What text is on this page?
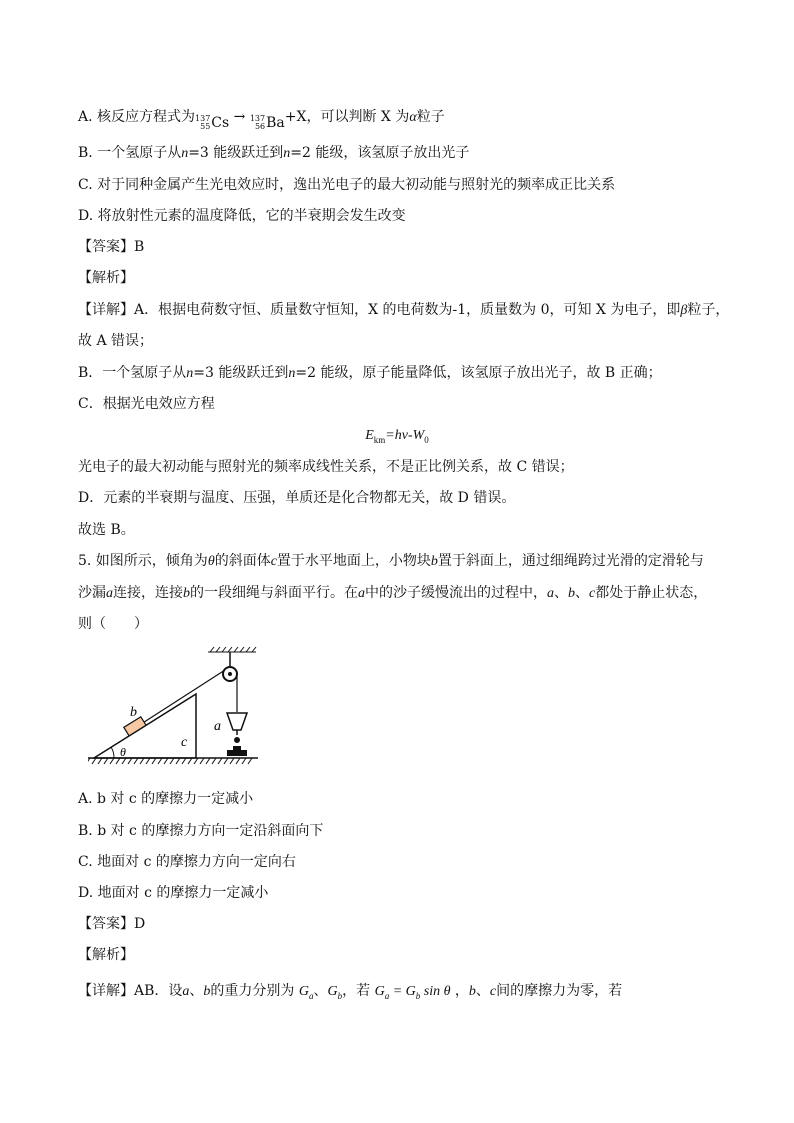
A. 核反应方程式为 137
55 Cs → 137
56 Ba +X，可以判断 X 为α粒子
B. 一个氢原子从n=3 能级跃迁到n=2 能级，该氢原子放出光子
C. 对于同种金属产生光电效应时，逸出光电子的最大初动能与照射光的频率成正比关系
D. 将放射性元素的温度降低，它的半衰期会发生改变
【答案】B
【解析】
【详解】A．根据电荷数守恒、质量数守恒知，X 的电荷数为-1，质量数为 0，可知 X 为电子，即β粒子，
故 A 错误；
B．一个氢原子从n=3 能级跃迁到n=2 能级，原子能量降低，该氢原子放出光子，故 B 正确；
C．根据光电效应方程
$E_{km}=h\nu-W_0$
光电子的最大初动能与照射光的频率成线性关系，不是正比例关系，故 C 错误；
D．元素的半衰期与温度、压强，单质还是化合物都无关，故 D 错误。
故选 B。
5. 如图所示，倾角为θ的斜面体c置于水平地面上，小物块b置于斜面上，通过细绳跨过光滑的定滑轮与
沙漏a连接，连接b的一段细绳与斜面平行。在a中的沙子缓慢流出的过程中，a、b、c都处于静止状态，
则（　　）
b
a
c
θ
A. b 对 c 的摩擦力一定减小
B. b 对 c 的摩擦力方向一定沿斜面向下
C. 地面对 c 的摩擦力方向一定向右
D. 地面对 c 的摩擦力一定减小
【答案】D
【解析】
【详解】AB．设a、b的重力分别为 $G_a$、$G_b$，若 $G_a = G_b$ sin θ ，b、c间的摩擦力为零，若
